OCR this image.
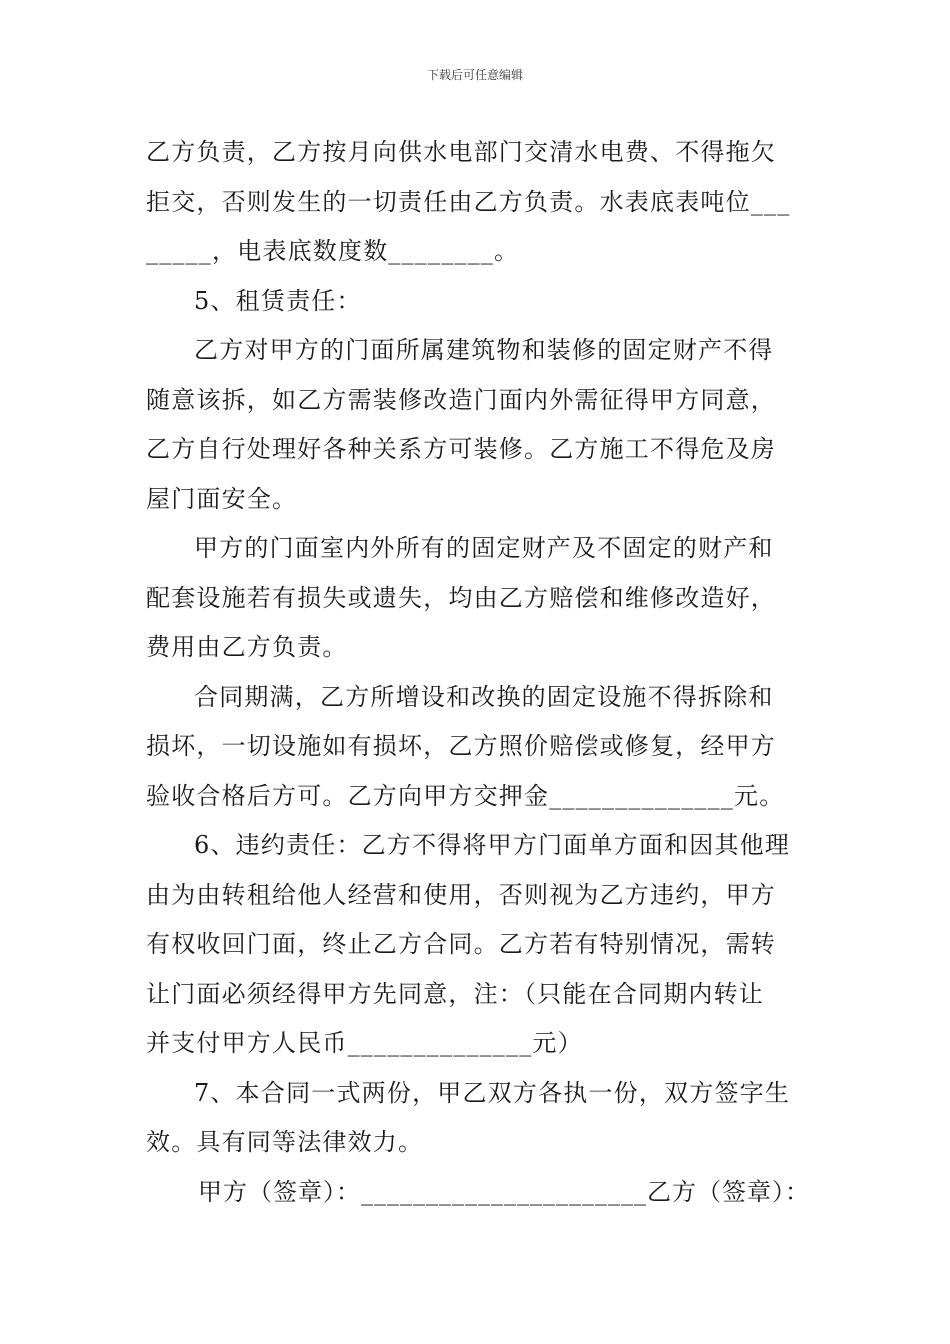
下载后可任意编辑
乙方负责，乙方按月向供水电部门交清水电费、不得拖欠
拒交，否则发生的一切责任由乙方负责。水表底表吨位___
_____，电表底数度数________。
5、租赁责任：
乙方对甲方的门面所属建筑物和装修的固定财产不得
随意该拆，如乙方需装修改造门面内外需征得甲方同意，
乙方自行处理好各种关系方可装修。乙方施工不得危及房
屋门面安全。
甲方的门面室内外所有的固定财产及不固定的财产和
配套设施若有损失或遗失，均由乙方赔偿和维修改造好，
费用由乙方负责。
合同期满，乙方所增设和改换的固定设施不得拆除和
损坏，一切设施如有损坏，乙方照价赔偿或修复，经甲方
验收合格后方可。乙方向甲方交押金______________元。
6、违约责任：乙方不得将甲方门面单方面和因其他理
由为由转租给他人经营和使用，否则视为乙方违约，甲方
有权收回门面，终止乙方合同。乙方若有特别情况，需转
让门面必须经得甲方先同意，注：（只能在合同期内转让
并支付甲方人民币______________元）
7、本合同一式两份，甲乙双方各执一份，双方签字生
效。具有同等法律效力。
甲方（签章）：______________________乙方（签章）：
